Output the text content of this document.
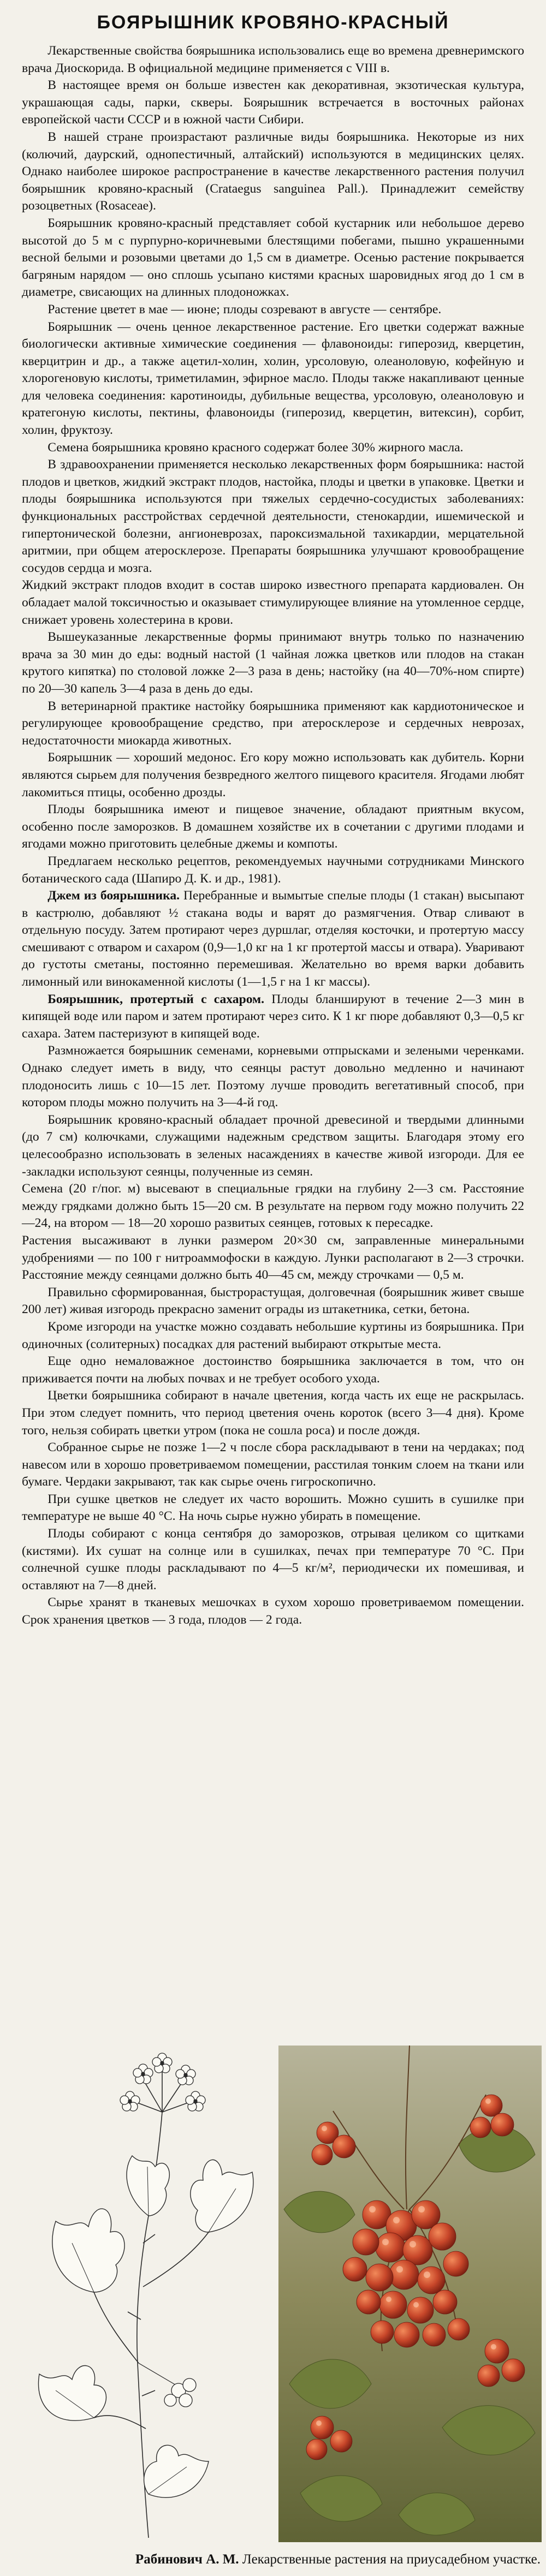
БОЯРЫШНИК КРОВЯНО-КРАСНЫЙ

Лекарственные свойства боярышника использовались еще во времена древнеримского врача Диоскорида. В официальной медицине применяется с VIII в.

В настоящее время он больше известен как декоративная, экзотическая культура, украшающая сады, парки, скверы. Боярышник встречается в восточных районах европейской части СССР и в южной части Сибири.

В нашей стране произрастают различные виды боярышника. Некоторые из них (колючий, даурский, однопестичный, алтайский) используются в медицинских целях. Однако наиболее широкое распространение в качестве лекарственного растения получил боярышник кровяно-красный (Crataegus sanguinea Pall.). Принадлежит семейству розоцветных (Rosaceae).

Боярышник кровяно-красный представляет собой кустарник или небольшое дерево высотой до 5 м с пурпурно-коричневыми блестящими побегами, пышно украшенными весной белыми и розовыми цветами до 1,5 см в диаметре. Осенью растение покрывается багряным нарядом — оно сплошь усыпано кистями красных шаровидных ягод до 1 см в диаметре, свисающих на длинных плодоножках.

Растение цветет в мае — июне; плоды созревают в августе — сентябре.

Боярышник — очень ценное лекарственное растение. Его цветки содержат важные биологически активные химические соединения — флавоноиды: гиперозид, кверцетин, кверцитрин и др., а также ацетил-холин, холин, урсоловую, олеаноловую, кофейную и хлорогеновую кислоты, триметиламин, эфирное масло. Плоды также накапливают ценные для человека соединения: каротиноиды, дубильные вещества, урсоловую, олеаноловую и кратегоную кислоты, пектины, флавоноиды (гиперозид, кверцетин, витексин), сорбит, холин, фруктозу.

Семена боярышника кровяно красного содержат более 30% жирного масла.

В здравоохранении применяется несколько лекарственных форм боярышника: настой плодов и цветков, жидкий экстракт плодов, настойка, плоды и цветки в упаковке. Цветки и плоды боярышника используются при тяжелых сердечно-сосудистых заболеваниях: функциональных расстройствах сердечной деятельности, стенокардии, ишемической и гипертонической болезни, ангионеврозах, пароксизмальной тахикардии, мерцательной аритмии, при общем атеросклерозе. Препараты боярышника улучшают кровообращение сосудов сердца и мозга.

Жидкий экстракт плодов входит в состав широко известного препарата кардиовален. Он обладает малой токсичностью и оказывает стимулирующее влияние на утомленное сердце, снижает уровень холестерина в крови.

Вышеуказанные лекарственные формы принимают внутрь только по назначению врача за 30 мин до еды: водный настой (1 чайная ложка цветков или плодов на стакан крутого кипятка) по столовой ложке 2—3 раза в день; настойку (на 40—70%-ном спирте) по 20—30 капель 3—4 раза в день до еды.

В ветеринарной практике настойку боярышника применяют как кардиотоническое и регулирующее кровообращение средство, при атеросклерозе и сердечных неврозах, недостаточности миокарда животных.

Боярышник — хороший медонос. Его кору можно использовать как дубитель. Корни являются сырьем для получения безвредного желтого пищевого красителя. Ягодами любят лакомиться птицы, особенно дрозды.

Плоды боярышника имеют и пищевое значение, обладают приятным вкусом, особенно после заморозков. В домашнем хозяйстве их в сочетании с другими плодами и ягодами можно приготовить целебные джемы и компоты.

Предлагаем несколько рецептов, рекомендуемых научными сотрудниками Минского ботанического сада (Шапиро Д. К. и др., 1981).

Джем из боярышника. Перебранные и вымытые спелые плоды (1 стакан) высыпают в кастрюлю, добавляют ½ стакана воды и варят до размягчения. Отвар сливают в отдельную посуду. Затем протирают через дуршлаг, отделяя косточки, и протертую массу смешивают с отваром и сахаром (0,9—1,0 кг на 1 кг протертой массы и отвара). Уваривают до густоты сметаны, постоянно перемешивая. Желательно во время варки добавить лимонный или винокаменной кислоты (1—1,5 г на 1 кг массы).

Боярышник, протертый с сахаром. Плоды бланшируют в течение 2—3 мин в кипящей воде или паром и затем протирают через сито. К 1 кг пюре добавляют 0,3—0,5 кг сахара. Затем пастеризуют в кипящей воде.

Размножается боярышник семенами, корневыми отпрысками и зелеными черенками. Однако следует иметь в виду, что сеянцы растут довольно медленно и начинают плодоносить лишь с 10—15 лет. Поэтому лучше проводить вегетативный способ, при котором плоды можно получить на 3—4-й год.

Боярышник кровяно-красный обладает прочной древесиной и твердыми длинными (до 7 см) колючками, служащими надежным средством защиты. Благодаря этому его целесообразно использовать в зеленых насаждениях в качестве живой изгороди. Для ее -закладки используют сеянцы, полученные из семян.

Семена (20 г/пог. м) высевают в специальные грядки на глубину 2—3 см. Расстояние между грядками должно быть 15—20 см. В результате на первом году можно получить 22—24, на втором — 18—20 хорошо развитых сеянцев, готовых к пересадке.

Растения высаживают в лунки размером 20×30 см, заправленные минеральными удобрениями — по 100 г нитроаммофоски в каждую. Лунки располагают в 2—3 строчки. Расстояние между сеянцами должно быть 40—45 см, между строчками — 0,5 м.

Правильно сформированная, быстрорастущая, долговечная (боярышник живет свыше 200 лет) живая изгородь прекрасно заменит ограды из штакетника, сетки, бетона.

Кроме изгороди на участке можно создавать небольшие куртины из боярышника. При одиночных (солитерных) посадках для растений выбирают открытые места.

Еще одно немаловажное достоинство боярышника заключается в том, что он приживается почти на любых почвах и не требует особого ухода.

Цветки боярышника собирают в начале цветения, когда часть их еще не раскрылась. При этом следует помнить, что период цветения очень короток (всего 3—4 дня). Кроме того, нельзя собирать цветки утром (пока не сошла роса) и после дождя.

Собранное сырье не позже 1—2 ч после сбора раскладывают в тени на чердаках; под навесом или в хорошо проветриваемом помещении, расстилая тонким слоем на ткани или бумаге. Чердаки закрывают, так как сырье очень гигроскопично.

При сушке цветков не следует их часто ворошить. Можно сушить в сушилке при температуре не выше 40 °С. На ночь сырье нужно убирать в помещение.

Плоды собирают с конца сентября до заморозков, отрывая целиком со щитками (кистями). Их сушат на солнце или в сушилках, печах при температуре 70 °С. При солнечной сушке плоды раскладывают по 4—5 кг/м², периодически их помешивая, и оставляют на 7—8 дней.

Сырье хранят в тканевых мешочках в сухом хорошо проветриваемом помещении. Срок хранения цветков — 3 года, плодов — 2 года.

Рабинович А. М. Лекарственные растения на приусадебном участке.
